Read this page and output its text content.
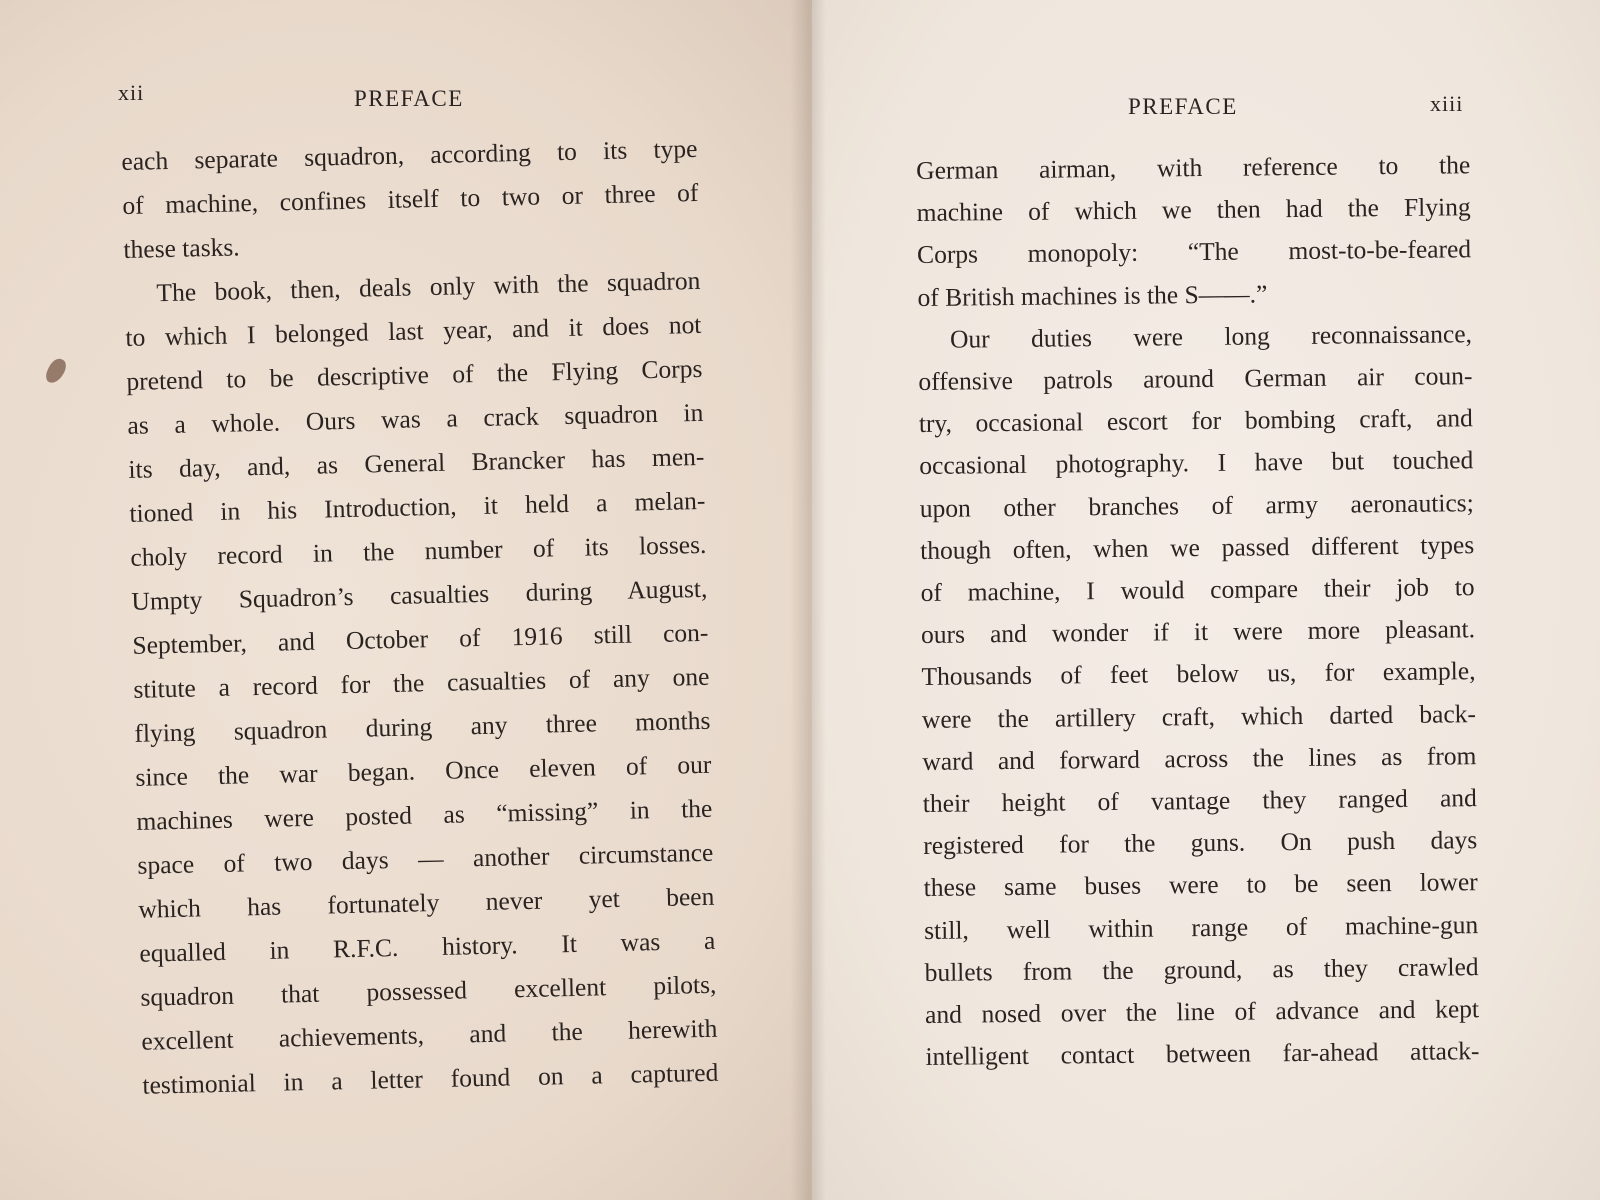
xii	PREFACE
each separate squadron, according to its type
of machine, confines itself to two or three of
these tasks.
The book, then, deals only with the squadron
to which I belonged last year, and it does not
pretend to be descriptive of the Flying Corps
as a whole. Ours was a crack squadron in
its day, and, as General Brancker has men-
tioned in his Introduction, it held a melan-
choly record in the number of its losses.
Umpty Squadron’s casualties during August,
September, and October of 1916 still con-
stitute a record for the casualties of any one
flying squadron during any three months
since the war began. Once eleven of our
machines were posted as “missing” in the
space of two days — another circumstance
which has fortunately never yet been
equalled in R.F.C. history. It was a
squadron that possessed excellent pilots,
excellent achievements, and the herewith
testimonial in a letter found on a captured
PREFACE	xiii
German airman, with reference to the
machine of which we then had the Flying
Corps monopoly: “The most-to-be-feared
of British machines is the S——.”
Our duties were long reconnaissance,
offensive patrols around German air coun-
try, occasional escort for bombing craft, and
occasional photography. I have but touched
upon other branches of army aeronautics;
though often, when we passed different types
of machine, I would compare their job to
ours and wonder if it were more pleasant.
Thousands of feet below us, for example,
were the artillery craft, which darted back-
ward and forward across the lines as from
their height of vantage they ranged and
registered for the guns. On push days
these same buses were to be seen lower
still, well within range of machine-gun
bullets from the ground, as they crawled
and nosed over the line of advance and kept
intelligent contact between far-ahead attack-
